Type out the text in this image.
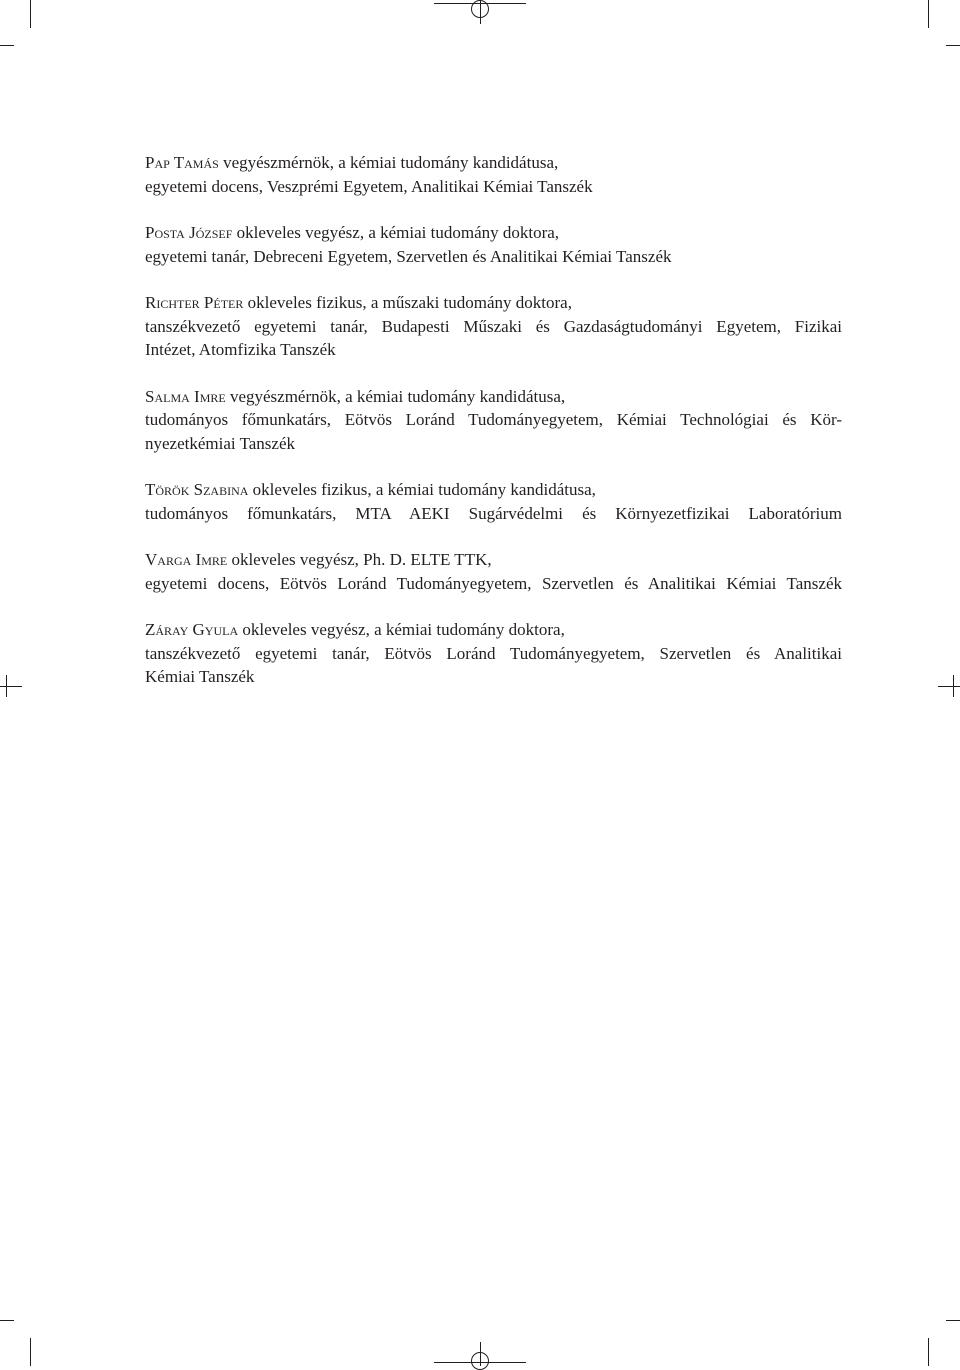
Pap Tamás vegyészmérnök, a kémiai tudomány kandidátusa,
egyetemi docens, Veszprémi Egyetem, Analitikai Kémiai Tanszék
Posta József okleveles vegyész, a kémiai tudomány doktora,
egyetemi tanár, Debreceni Egyetem, Szervetlen és Analitikai Kémiai Tanszék
Richter Péter okleveles fizikus, a műszaki tudomány doktora,
tanszékvezető egyetemi tanár, Budapesti Műszaki és Gazdaságtudományi Egyetem, Fizikai
Intézet, Atomfizika Tanszék
Salma Imre vegyészmérnök, a kémiai tudomány kandidátusa,
tudományos főmunkatárs, Eötvös Loránd Tudományegyetem, Kémiai Technológiai és Kör-
nyezetkémiai Tanszék
Török Szabina okleveles fizikus, a kémiai tudomány kandidátusa,
tudományos főmunkatárs, MTA AEKI Sugárvédelmi és Környezetfizikai Laboratórium
Varga Imre okleveles vegyész, Ph. D. ELTE TTK,
egyetemi docens, Eötvös Loránd Tudományegyetem, Szervetlen és Analitikai Kémiai Tanszék
Záray Gyula okleveles vegyész, a kémiai tudomány doktora,
tanszékvezető egyetemi tanár, Eötvös Loránd Tudományegyetem, Szervetlen és Analitikai
Kémiai Tanszék
